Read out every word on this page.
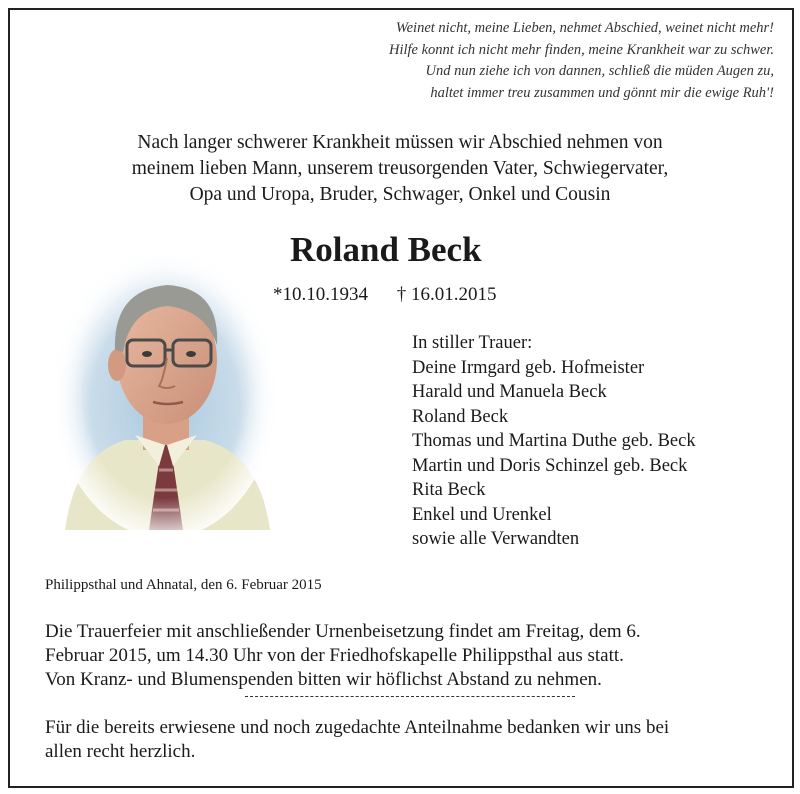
Weinet nicht, meine Lieben, nehmet Abschied, weinet nicht mehr!
Hilfe konnt ich nicht mehr finden, meine Krankheit war zu schwer.
Und nun ziehe ich von dannen, schließ die müden Augen zu,
haltet immer treu zusammen und gönnt mir die ewige Ruh'!
Nach langer schwerer Krankheit müssen wir Abschied nehmen von
meinem lieben Mann, unserem treusorgenden Vater, Schwiegervater,
Opa und Uropa, Bruder, Schwager, Onkel und Cousin
Roland Beck
*10.10.1934 † 16.01.2015
In stiller Trauer:
Deine Irmgard geb. Hofmeister
Harald und Manuela Beck
Roland Beck
Thomas und Martina Duthe geb. Beck
Martin und Doris Schinzel geb. Beck
Rita Beck
Enkel und Urenkel
sowie alle Verwandten
Philippsthal und Ahnatal, den 6. Februar 2015
Die Trauerfeier mit anschließender Urnenbeisetzung findet am Freitag, dem 6.
Februar 2015, um 14.30 Uhr von der Friedhofskapelle Philippsthal aus statt.
Von Kranz- und Blumenspenden bitten wir höflichst Abstand zu nehmen.
Für die bereits erwiesene und noch zugedachte Anteilnahme bedanken wir uns bei
allen recht herzlich.
